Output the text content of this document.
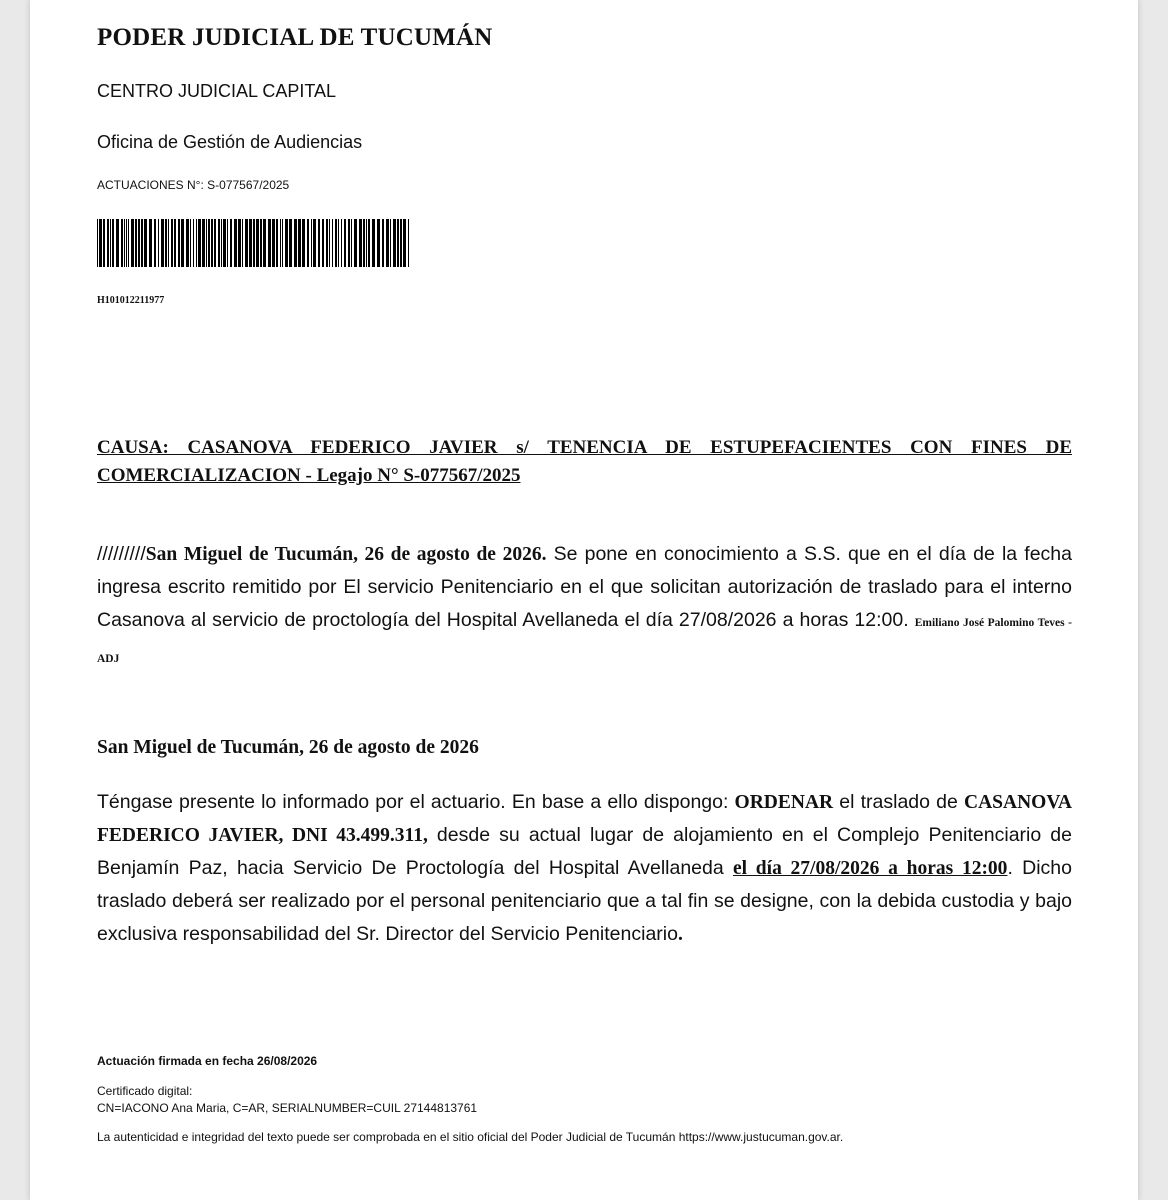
PODER JUDICIAL DE TUCUMÁN
CENTRO JUDICIAL CAPITAL
Oficina de Gestión de Audiencias
ACTUACIONES N°: S-077567/2025
H101012211977
CAUSA: CASANOVA FEDERICO JAVIER s/ TENENCIA DE ESTUPEFACIENTES CON FINES DE COMERCIALIZACION - Legajo N° S-077567/2025
/////////San Miguel de Tucumán, 26 de agosto de 2026. Se pone en conocimiento a S.S. que en el día de la fecha ingresa escrito remitido por El servicio Penitenciario en el que solicitan autorización de traslado para el interno Casanova al servicio de proctología del Hospital Avellaneda el día 27/08/2026 a horas 12:00. Emiliano José Palomino Teves - ADJ
San Miguel de Tucumán, 26 de agosto de 2026
Téngase presente lo informado por el actuario. En base a ello dispongo: ORDENAR el traslado de CASANOVA FEDERICO JAVIER, DNI 43.499.311, desde su actual lugar de alojamiento en el Complejo Penitenciario de Benjamín Paz, hacia Servicio De Proctología del Hospital Avellaneda el día 27/08/2026 a horas 12:00. Dicho traslado deberá ser realizado por el personal penitenciario que a tal fin se designe, con la debida custodia y bajo exclusiva responsabilidad del Sr. Director del Servicio Penitenciario.
Actuación firmada en fecha 26/08/2026
Certificado digital:
CN=IACONO Ana Maria, C=AR, SERIALNUMBER=CUIL 27144813761
La autenticidad e integridad del texto puede ser comprobada en el sitio oficial del Poder Judicial de Tucumán https://www.justucuman.gov.ar.
